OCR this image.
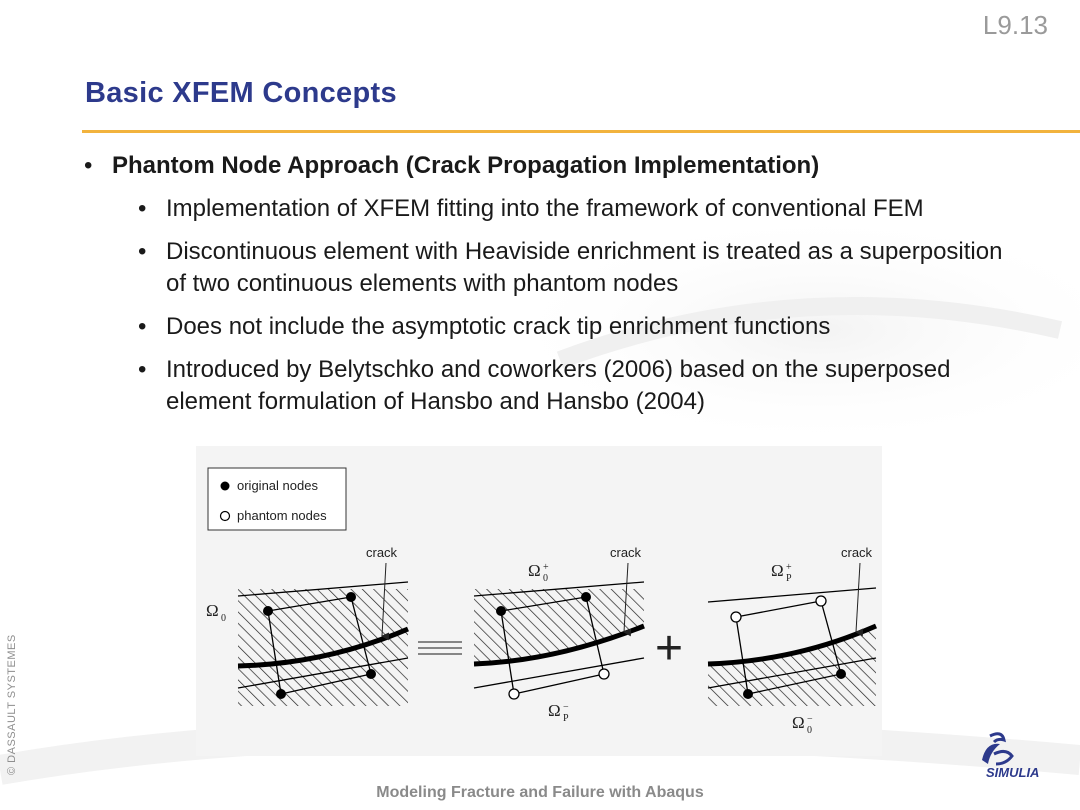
L9.13
Basic XFEM Concepts
• Phantom Node Approach (Crack Propagation Implementation)
• Implementation of XFEM fitting into the framework of conventional FEM
• Discontinuous element with Heaviside enrichment is treated as a superposition of two continuous elements with phantom nodes
• Does not include the asymptotic crack tip enrichment functions
• Introduced by Belytschko and coworkers (2006) based on the superposed element formulation of Hansbo and Hansbo (2004)
original nodes
phantom nodes
crack
Ω 0
crack
Ω +
0
Ω −
P
+
crack
Ω +
P
Ω −
0
© DASSAULT SYSTEMES
Modeling Fracture and Failure with Abaqus
SIMULIA
